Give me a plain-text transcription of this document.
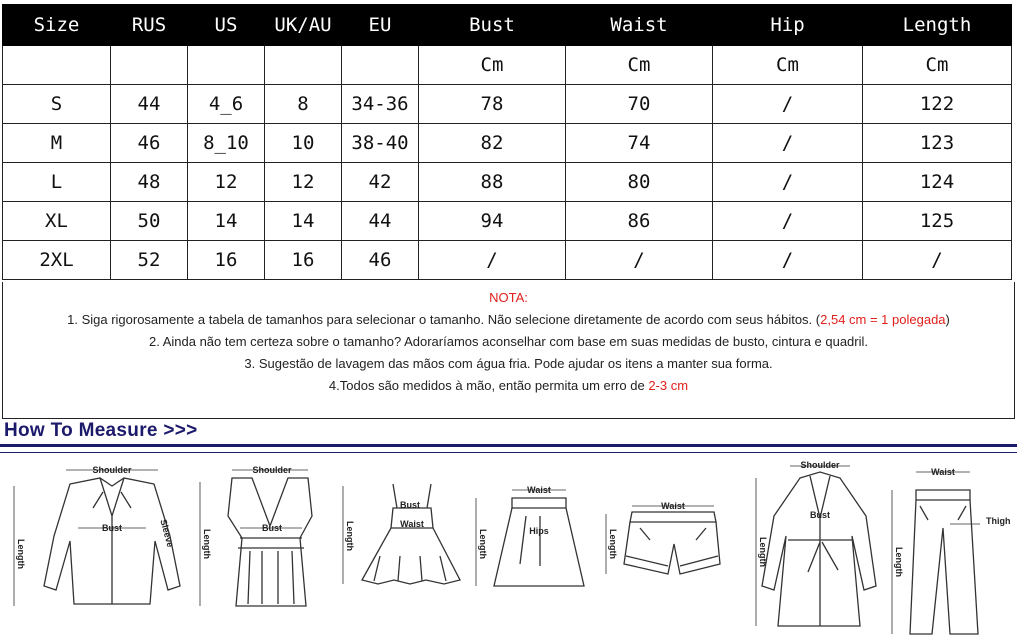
Size	RUS	US	UK/AU	EU	Bust	Waist	Hip	Length
					Cm	Cm	Cm	Cm
S	44	4_6	8	34-36	78	70	/	122
M	46	8_10	10	38-40	82	74	/	123
L	48	12	12	42	88	80	/	124
XL	50	14	14	44	94	86	/	125
2XL	52	16	16	46	/	/	/	/
NOTA:
1. Siga rigorosamente a tabela de tamanhos para selecionar o tamanho. Não selecione diretamente de acordo com seus hábitos. (2,54 cm = 1 polegada)
2. Ainda não tem certeza sobre o tamanho? Adoraríamos aconselhar com base em suas medidas de busto, cintura e quadril.
3. Sugestão de lavagem das mãos com água fria. Pode ajudar os itens a manter sua forma.
4.Todos são medidos à mão, então permita um erro de 2-3 cm
How To Measure >>>
Shoulder
Bust
Length
Sleeve
Shoulder
Bust
Length
Bust
Waist
Length
Waist
Hips
Length
Waist
Length
Shoulder
Bust
Length
Waist
Thigh
Length
